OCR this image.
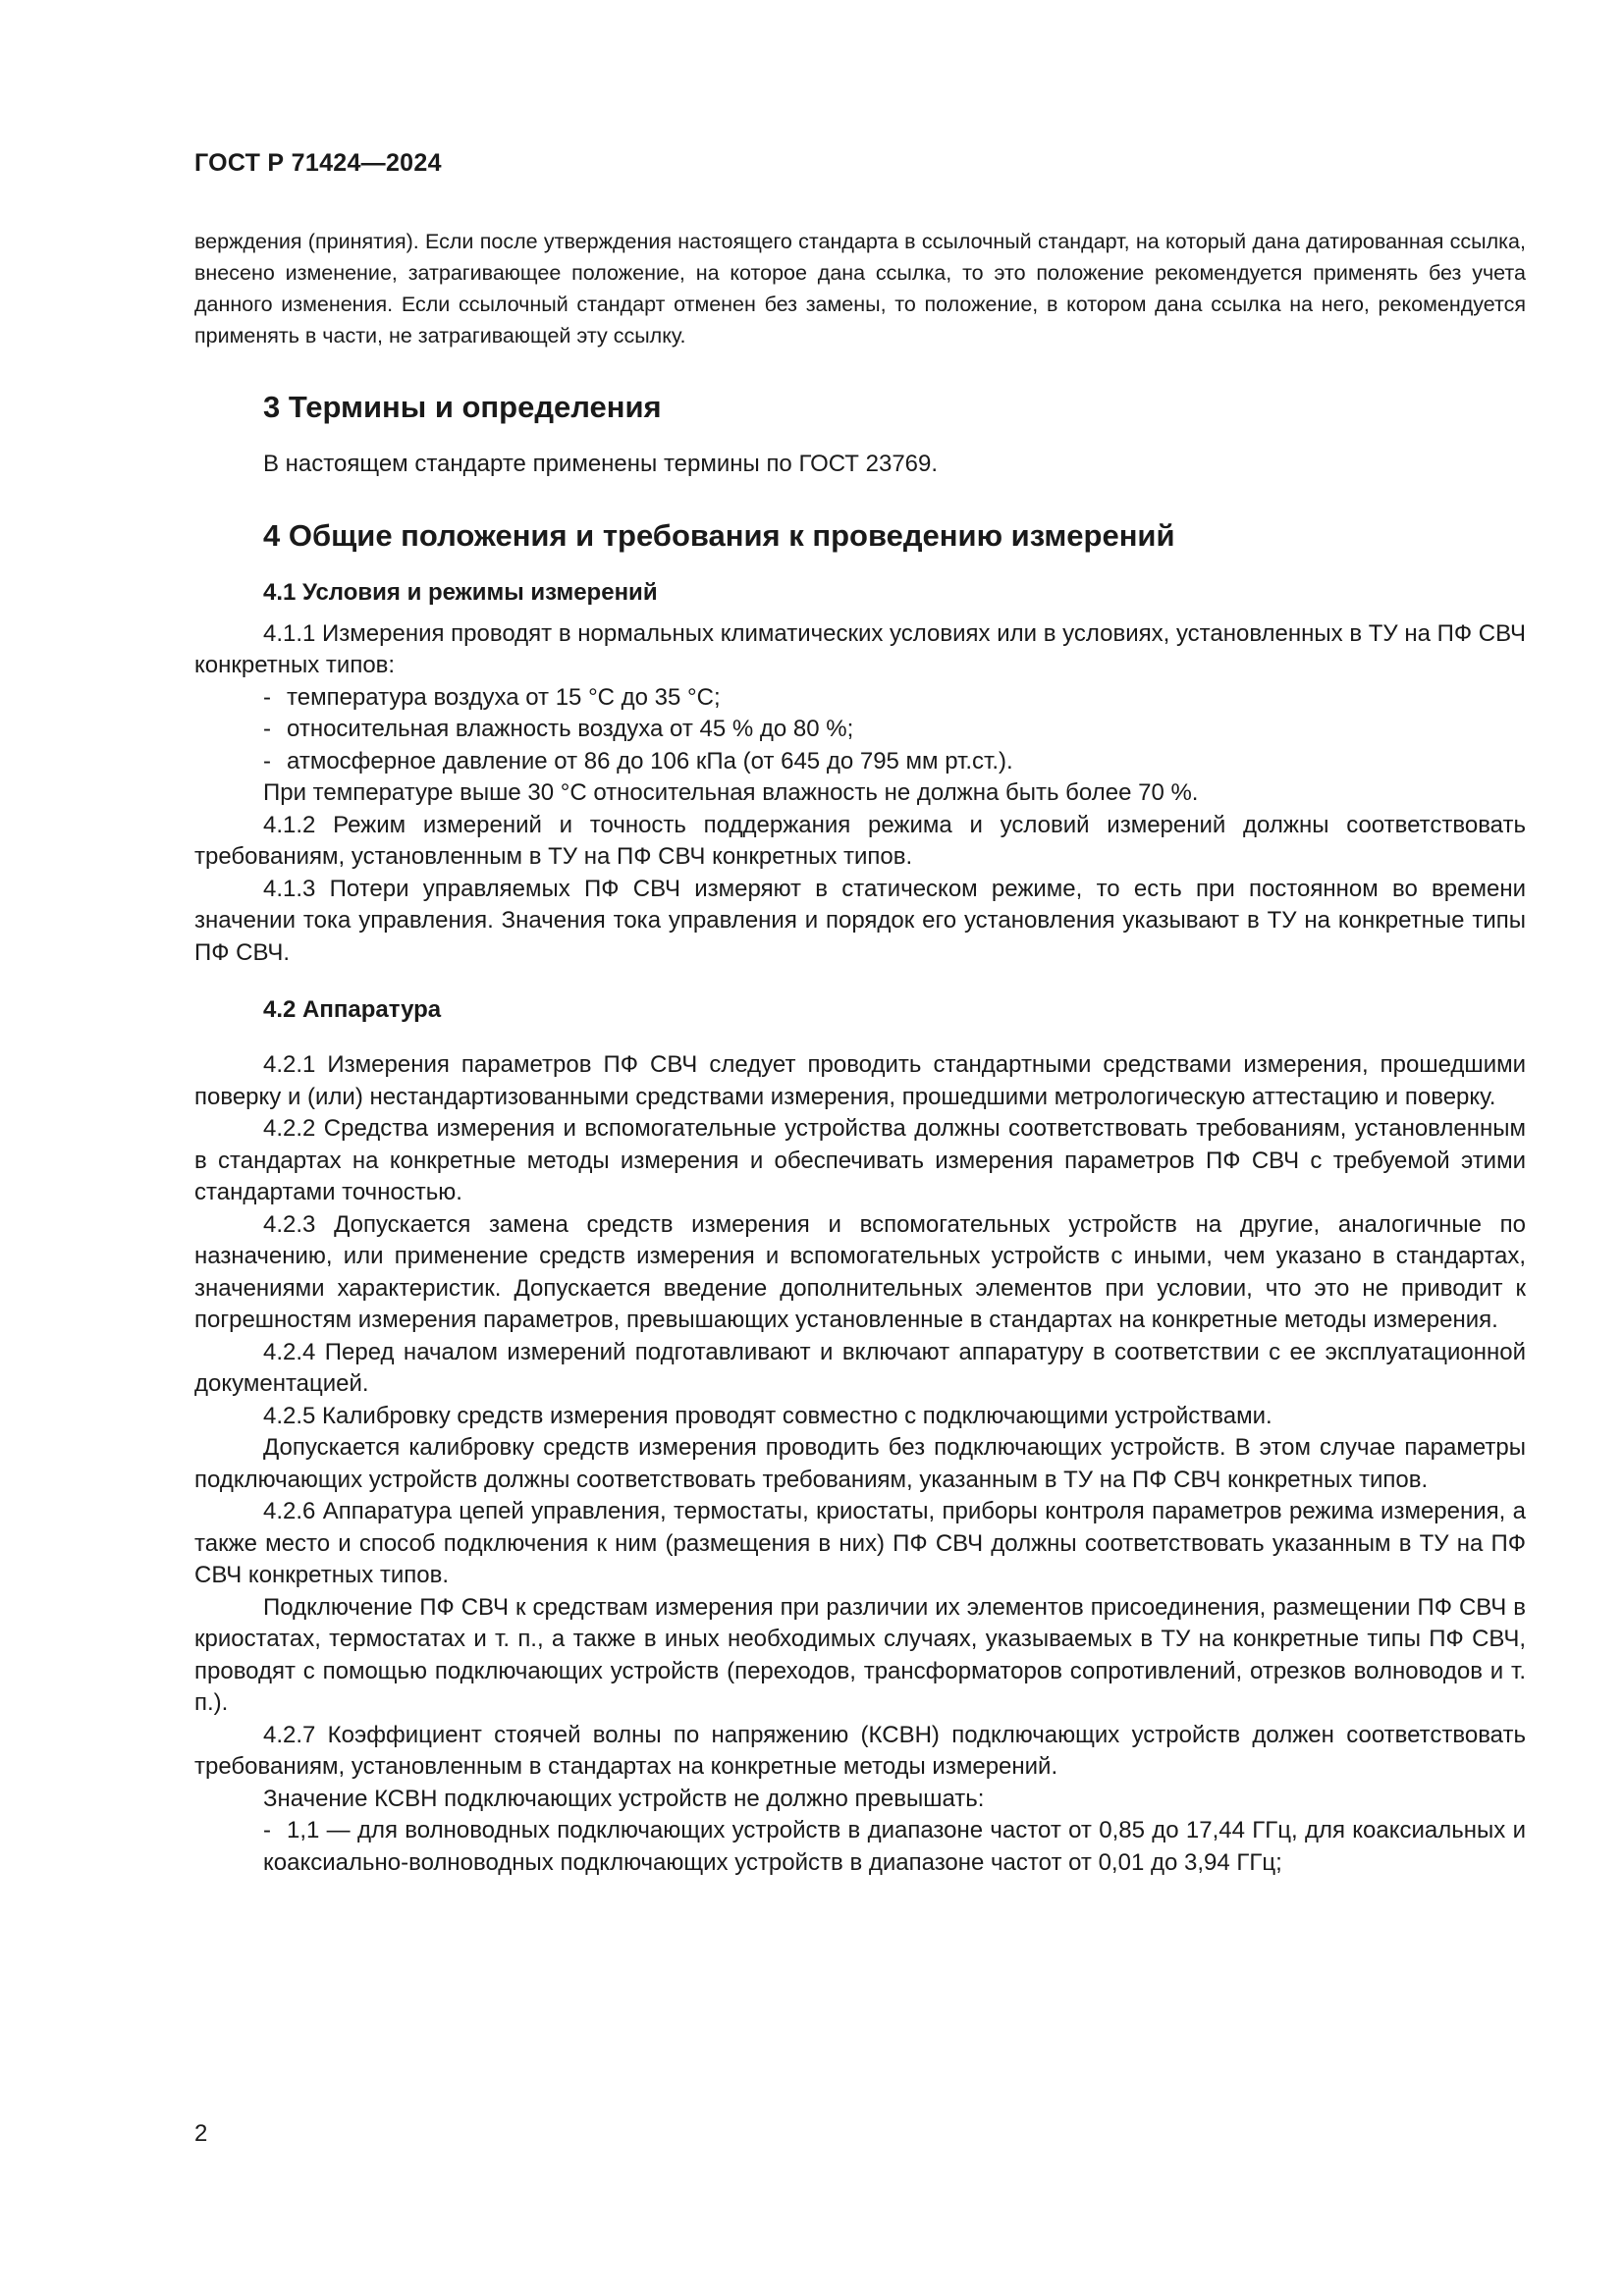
ГОСТ Р 71424—2024

верждения (принятия). Если после утверждения настоящего стандарта в ссылочный стандарт, на который дана датированная ссылка, внесено изменение, затрагивающее положение, на которое дана ссылка, то это положение рекомендуется применять без учета данного изменения. Если ссылочный стандарт отменен без замены, то положение, в котором дана ссылка на него, рекомендуется применять в части, не затрагивающей эту ссылку.

3 Термины и определения

В настоящем стандарте применены термины по ГОСТ 23769.

4 Общие положения и требования к проведению измерений
4.1 Условия и режимы измерений

4.1.1 Измерения проводят в нормальных климатических условиях или в условиях, установленных в ТУ на ПФ СВЧ конкретных типов:

- температура воздуха от 15 °С до 35 °С;

- относительная влажность воздуха от 45 % до 80 %;

- атмосферное давление от 86 до 106 кПа (от 645 до 795 мм рт.ст.).

При температуре выше 30 °С относительная влажность не должна быть более 70 %.

4.1.2 Режим измерений и точность поддержания режима и условий измерений должны соответствовать требованиям, установленным в ТУ на ПФ СВЧ конкретных типов.

4.1.3 Потери управляемых ПФ СВЧ измеряют в статическом режиме, то есть при постоянном во времени значении тока управления. Значения тока управления и порядок его установления указывают в ТУ на конкретные типы ПФ СВЧ.

4.2 Аппаратура

4.2.1 Измерения параметров ПФ СВЧ следует проводить стандартными средствами измерения, прошедшими поверку и (или) нестандартизованными средствами измерения, прошедшими метрологическую аттестацию и поверку.

4.2.2 Средства измерения и вспомогательные устройства должны соответствовать требованиям, установленным в стандартах на конкретные методы измерения и обеспечивать измерения параметров ПФ СВЧ с требуемой этими стандартами точностью.

4.2.3 Допускается замена средств измерения и вспомогательных устройств на другие, аналогичные по назначению, или применение средств измерения и вспомогательных устройств с иными, чем указано в стандартах, значениями характеристик. Допускается введение дополнительных элементов при условии, что это не приводит к погрешностям измерения параметров, превышающих установленные в стандартах на конкретные методы измерения.

4.2.4 Перед началом измерений подготавливают и включают аппаратуру в соответствии с ее эксплуатационной документацией.

4.2.5 Калибровку средств измерения проводят совместно с подключающими устройствами.

Допускается калибровку средств измерения проводить без подключающих устройств. В этом случае параметры подключающих устройств должны соответствовать требованиям, указанным в ТУ на ПФ СВЧ конкретных типов.

4.2.6 Аппаратура цепей управления, термостаты, криостаты, приборы контроля параметров режима измерения, а также место и способ подключения к ним (размещения в них) ПФ СВЧ должны соответствовать указанным в ТУ на ПФ СВЧ конкретных типов.

Подключение ПФ СВЧ к средствам измерения при различии их элементов присоединения, размещении ПФ СВЧ в криостатах, термостатах и т. п., а также в иных необходимых случаях, указываемых в ТУ на конкретные типы ПФ СВЧ, проводят с помощью подключающих устройств (переходов, трансформаторов сопротивлений, отрезков волноводов и т. п.).

4.2.7 Коэффициент стоячей волны по напряжению (КСВН) подключающих устройств должен соответствовать требованиям, установленным в стандартах на конкретные методы измерений.

Значение КСВН подключающих устройств не должно превышать:

- 1,1 — для волноводных подключающих устройств в диапазоне частот от 0,85 до 17,44 ГГц, для коаксиальных и коаксиально-волноводных подключающих устройств в диапазоне частот от 0,01 до 3,94 ГГц;

2
